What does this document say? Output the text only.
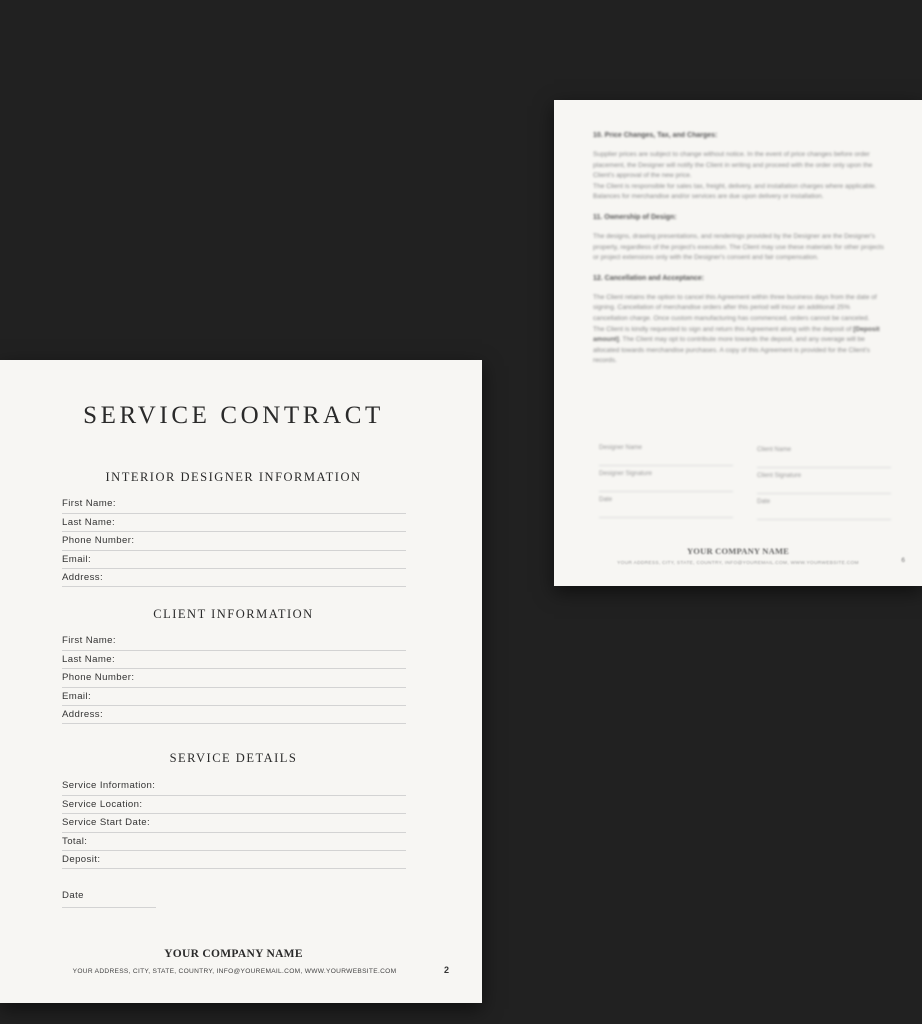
10. Price Changes, Tax, and Charges:
Supplier prices are subject to change without notice. In the event of price changes before order placement, the Designer will notify the Client in writing and proceed with the order only upon the Client's approval of the new price.
The Client is responsible for sales tax, freight, delivery, and installation charges where applicable. Balances for merchandise and/or services are due upon delivery or installation.
11. Ownership of Design:
The designs, drawing presentations, and renderings provided by the Designer are the Designer's property, regardless of the project's execution. The Client may use these materials for other projects or project extensions only with the Designer's consent and fair compensation.
12. Cancellation and Acceptance:
The Client retains the option to cancel this Agreement within three business days from the date of signing. Cancellation of merchandise orders after this period will incur an additional 25% cancellation charge. Once custom manufacturing has commenced, orders cannot be canceled.
The Client is kindly requested to sign and return this Agreement along with the deposit of [Deposit amount]. The Client may opt to contribute more towards the deposit, and any overage will be allocated towards merchandise purchases. A copy of this Agreement is provided for the Client's records.
Designer Name
Designer Signature
Date
Client Name
Client Signature
Date
YOUR COMPANY NAME
YOUR ADDRESS, CITY, STATE, COUNTRY, INFO@YOUREMAIL.COM, WWW.YOURWEBSITE.COM	6
SERVICE CONTRACT
INTERIOR DESIGNER INFORMATION
First Name:
Last Name:
Phone Number:
Email:
Address:
CLIENT INFORMATION
First Name:
Last Name:
Phone Number:
Email:
Address:
SERVICE DETAILS
Service Information:
Service Location:
Service Start Date:
Total:
Deposit:
Date
YOUR COMPANY NAME
YOUR ADDRESS, CITY, STATE, COUNTRY, INFO@YOUREMAIL.COM, WWW.YOURWEBSITE.COM	2
